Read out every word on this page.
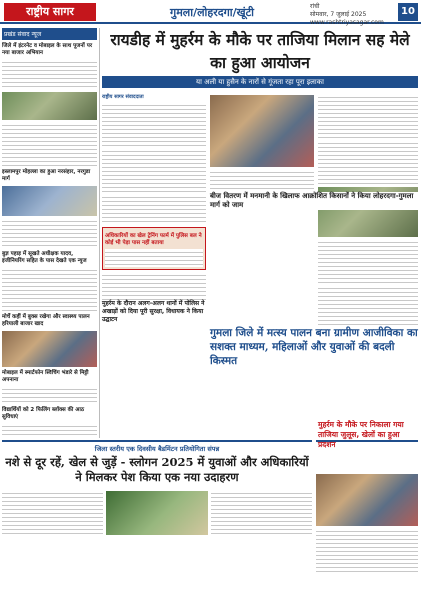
राष्ट्रीय सागर	गुमला/लोहरदगा/खूंटी	रांची
सोमवार, 7 जुलाई 2025
www.rashtriyasagar.com
10
रायडीह में मुहर्रम के मौके पर ताजिया मिलान सह मेले का हुआ आयोजन
या अली या हुसैन के नारों से गूंजता रहा पूरा इलाका
प्रखंड संवाद न्यूज
जिले में इंटरनेट व मोबाइल के साथ पूजनों पर नया बाजार अभियान
इस्लामपुर मोहल्ला का हुआ नरसंहार, नरगुडा मार्ग
बुज्ञ पहाड़ में सूखते अधीक्षक यादव, इंजीनियरिंग सहित के पास देखते एक न्युज
मोर्चे कहीं में बुक्स रखेगा और स्वास्थ्य पालन हरियाली बाजार खाद
मोबाइल में स्मार्टफोन स्विचिंग भंडारे से मिट्टी अपनाना
विद्यार्थियों को 2 फिलिंग ब्लॉक्स की आठ सुविधाएं
राष्ट्रीय सागर संवाददाता
अधिकारियों का खेल ट्रेनिंग फार्म में पुलिस बल ने कोई भी पेड़ा पास नहीं बताया
बीज वितरण में मनमानी के खिलाफ आक्रोशित किसानों ने किया लोहरदगा-गुमला मार्ग को जाम
मुहर्रम के दौरान अलग-अलग थानों में पोलिस ने अखाड़ों को दिया पूरी सुरक्षा, विधायक ने किया उद्घाटन
गुमला जिले में मत्स्य पालन बना ग्रामीण आजीविका का सशक्त माध्यम, महिलाओं और युवाओं की बदली किस्मत
मुहर्रम के मौके पर निकाला गया ताजिया जुलूस, खेलों का हुआ प्रदर्शन
जिला स्तरीय एक दिवसीय बैडमिंटन प्रतियोगिता संपन्न
नशे से दूर रहें, खेल से जुड़ें - स्लोगन 2025 में युवाओं और अधिकारियों ने मिलकर पेश किया एक नया उदाहरण
